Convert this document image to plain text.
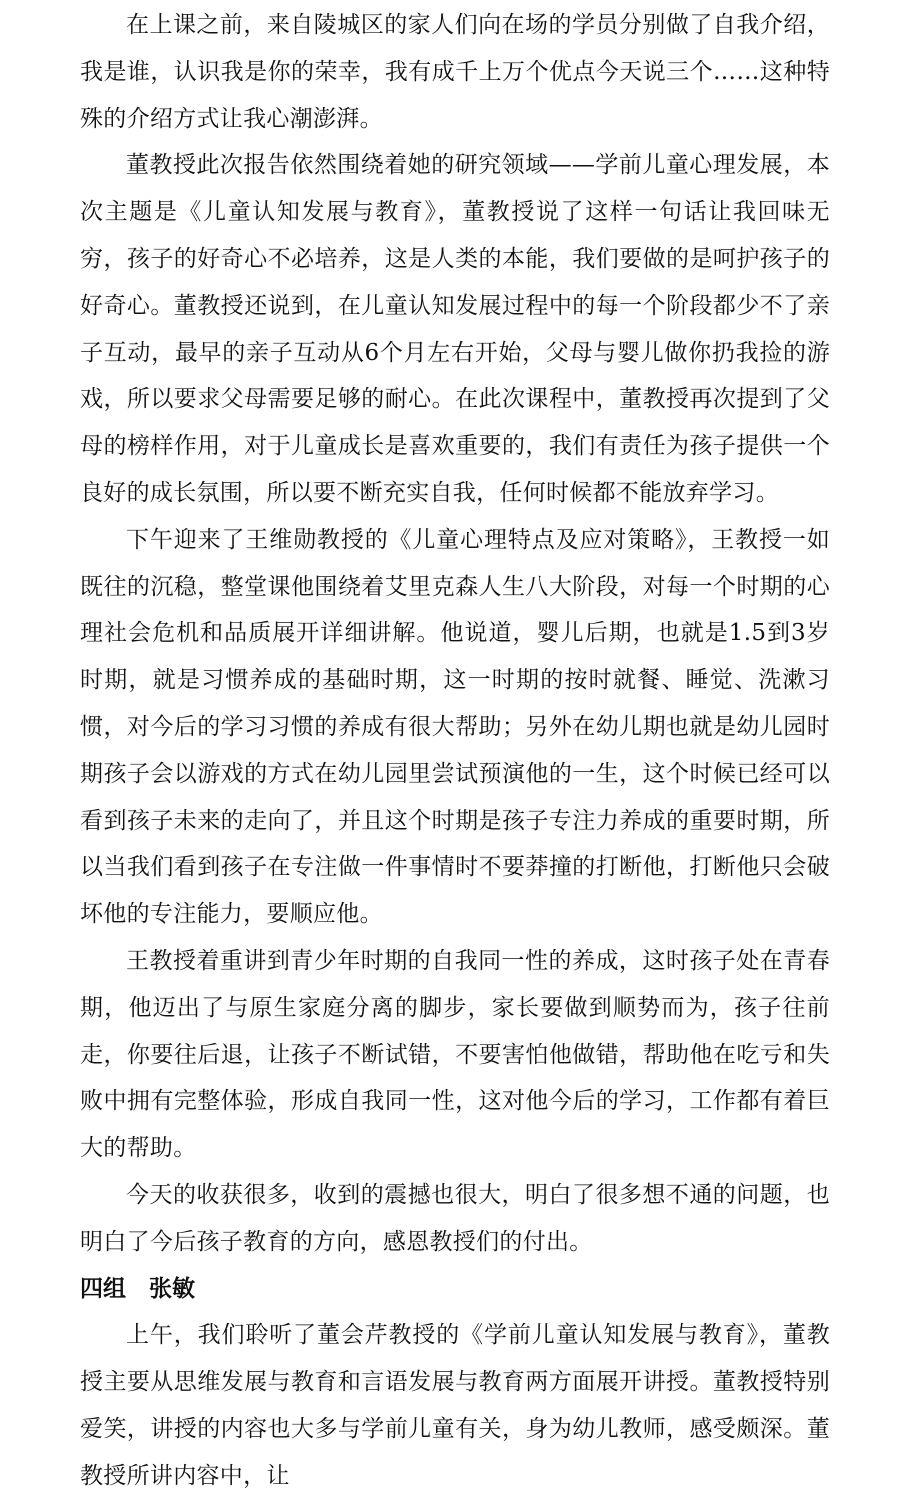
在上课之前，来自陵城区的家人们向在场的学员分别做了自我介绍，我是谁，认识我是你的荣幸，我有成千上万个优点今天说三个……这种特殊的介绍方式让我心潮澎湃。

董教授此次报告依然围绕着她的研究领域——学前儿童心理发展，本次主题是《儿童认知发展与教育》，董教授说了这样一句话让我回味无穷，孩子的好奇心不必培养，这是人类的本能，我们要做的是呵护孩子的好奇心。董教授还说到，在儿童认知发展过程中的每一个阶段都少不了亲子互动，最早的亲子互动从6个月左右开始，父母与婴儿做你扔我捡的游戏，所以要求父母需要足够的耐心。在此次课程中，董教授再次提到了父母的榜样作用，对于儿童成长是喜欢重要的，我们有责任为孩子提供一个良好的成长氛围，所以要不断充实自我，任何时候都不能放弃学习。

下午迎来了王维勋教授的《儿童心理特点及应对策略》，王教授一如既往的沉稳，整堂课他围绕着艾里克森人生八大阶段，对每一个时期的心理社会危机和品质展开详细讲解。他说道，婴儿后期，也就是1.5到3岁时期，就是习惯养成的基础时期，这一时期的按时就餐、睡觉、洗漱习惯，对今后的学习习惯的养成有很大帮助；另外在幼儿期也就是幼儿园时期孩子会以游戏的方式在幼儿园里尝试预演他的一生，这个时候已经可以看到孩子未来的走向了，并且这个时期是孩子专注力养成的重要时期，所以当我们看到孩子在专注做一件事情时不要莽撞的打断他，打断他只会破坏他的专注能力，要顺应他。

王教授着重讲到青少年时期的自我同一性的养成，这时孩子处在青春期，他迈出了与原生家庭分离的脚步，家长要做到顺势而为，孩子往前走，你要往后退，让孩子不断试错，不要害怕他做错，帮助他在吃亏和失败中拥有完整体验，形成自我同一性，这对他今后的学习，工作都有着巨大的帮助。

今天的收获很多，收到的震撼也很大，明白了很多想不通的问题，也明白了今后孩子教育的方向，感恩教授们的付出。

四组　张敏

上午，我们聆听了董会芹教授的《学前儿童认知发展与教育》，董教授主要从思维发展与教育和言语发展与教育两方面展开讲授。董教授特别爱笑，讲授的内容也大多与学前儿童有关，身为幼儿教师，感受颇深。董教授所讲内容中，让
